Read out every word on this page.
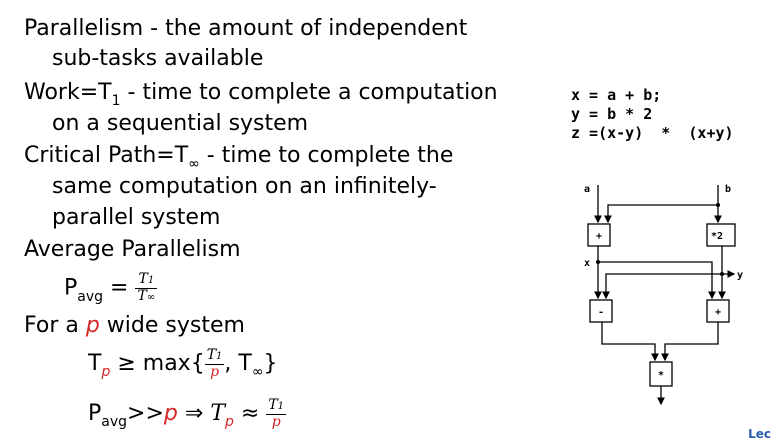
Parallelism - the amount of independent
sub-tasks available
$Work=T_1$ - time to complete a computation
on a sequential system
Critical $Path=T_\infty$ - time to complete the
same computation on an infinitely-
parallel system
Average Parallelism
$P_{avg} = \frac{T1}{T\infty}$
For a p wide system
$T_p \ge \max\{ \frac{T1}{p}$ , $T_\infty$}
$P_{avg}>>p$ ⇒ $T_p \approx \frac{T1}{p}$
x = a + b;
y = b * 2
z =(x-y)  *  (x+y)
a	b
+	*2
x
y
-	+
*
Lec
